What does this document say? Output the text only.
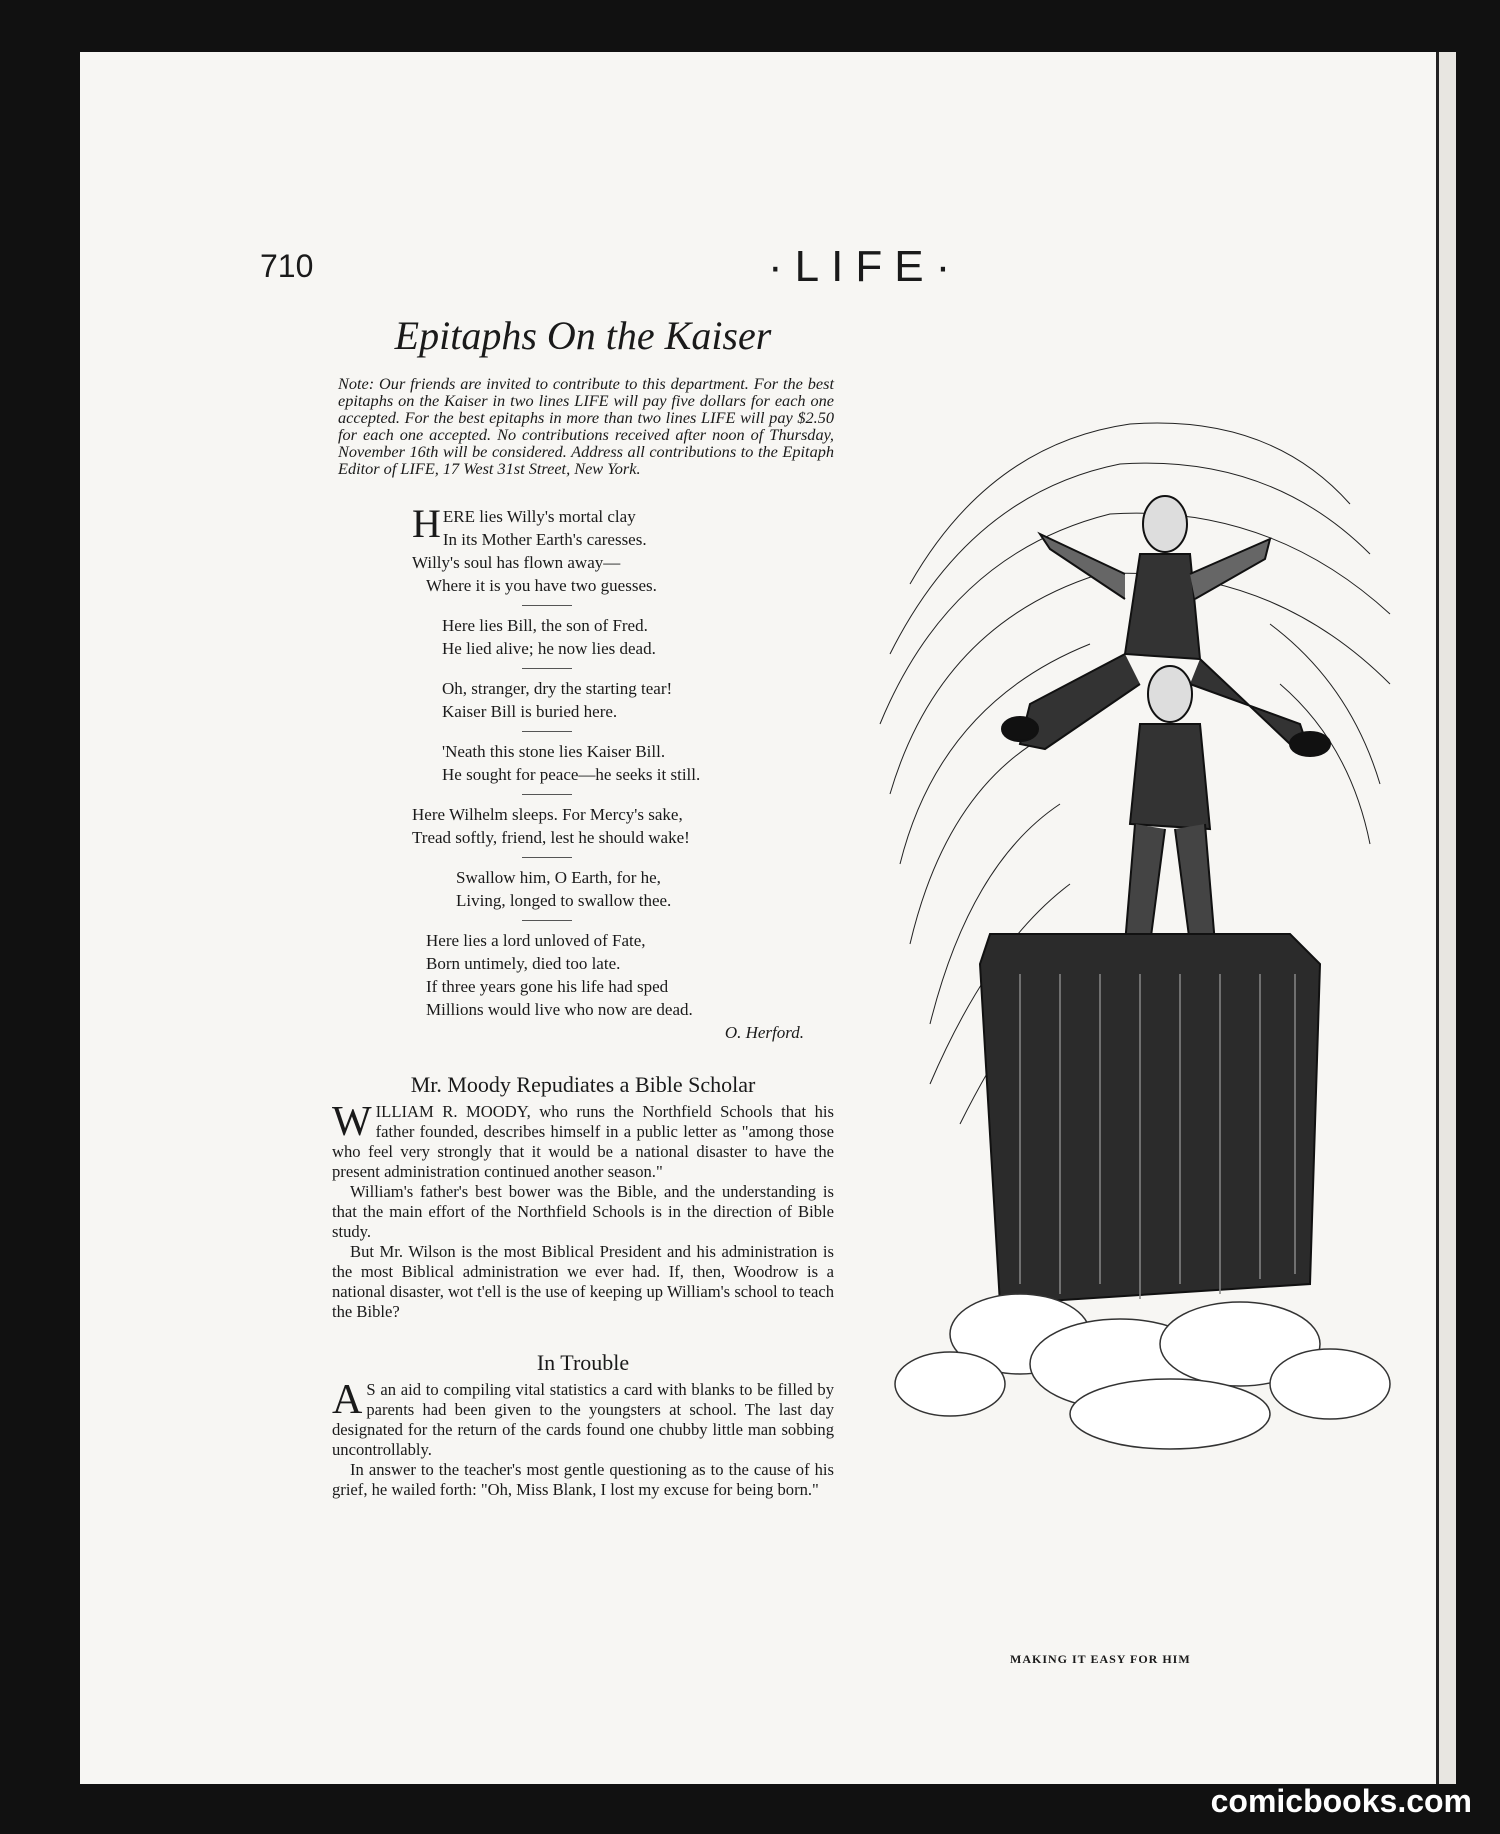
710	·LIFE·
Epitaphs On the Kaiser
Note: Our friends are invited to contribute to this department. For the best epitaphs on the Kaiser in two lines LIFE will pay five dollars for each one accepted. For the best epitaphs in more than two lines LIFE will pay $2.50 for each one accepted. No contributions received after noon of Thursday, November 16th will be considered. Address all contributions to the Epitaph Editor of LIFE, 17 West 31st Street, New York.
H ERE lies Willy's mortal clay
In its Mother Earth's caresses.
Willy's soul has flown away—
Where it is you have two guesses.
Here lies Bill, the son of Fred.
He lied alive; he now lies dead.
Oh, stranger, dry the starting tear!
Kaiser Bill is buried here.
'Neath this stone lies Kaiser Bill.
He sought for peace—he seeks it still.
Here Wilhelm sleeps. For Mercy's sake,
Tread softly, friend, lest he should wake!
Swallow him, O Earth, for he,
Living, longed to swallow thee.
Here lies a lord unloved of Fate,
Born untimely, died too late.
If three years gone his life had sped
Millions would live who now are dead.
O. Herford.
Mr. Moody Repudiates a Bible Scholar

WILLIAM R. MOODY, who runs the Northfield Schools that his father founded, describes himself in a public letter as "among those who feel very strongly that it would be a national disaster to have the present administration continued another season."

William's father's best bower was the Bible, and the understanding is that the main effort of the Northfield Schools is in the direction of Bible study.

But Mr. Wilson is the most Biblical President and his administration is the most Biblical administration we ever had. If, then, Woodrow is a national disaster, wot t'ell is the use of keeping up William's school to teach the Bible?

In Trouble

A S an aid to compiling vital statistics a card with blanks to be filled by parents had been given to the youngsters at school. The last day designated for the return of the cards found one chubby little man sobbing uncontrollably.

In answer to the teacher's most gentle questioning as to the cause of his grief, he wailed forth: "Oh, Miss Blank, I lost my excuse for being born."

MAKING IT EASY FOR HIM
comicbooks.com
